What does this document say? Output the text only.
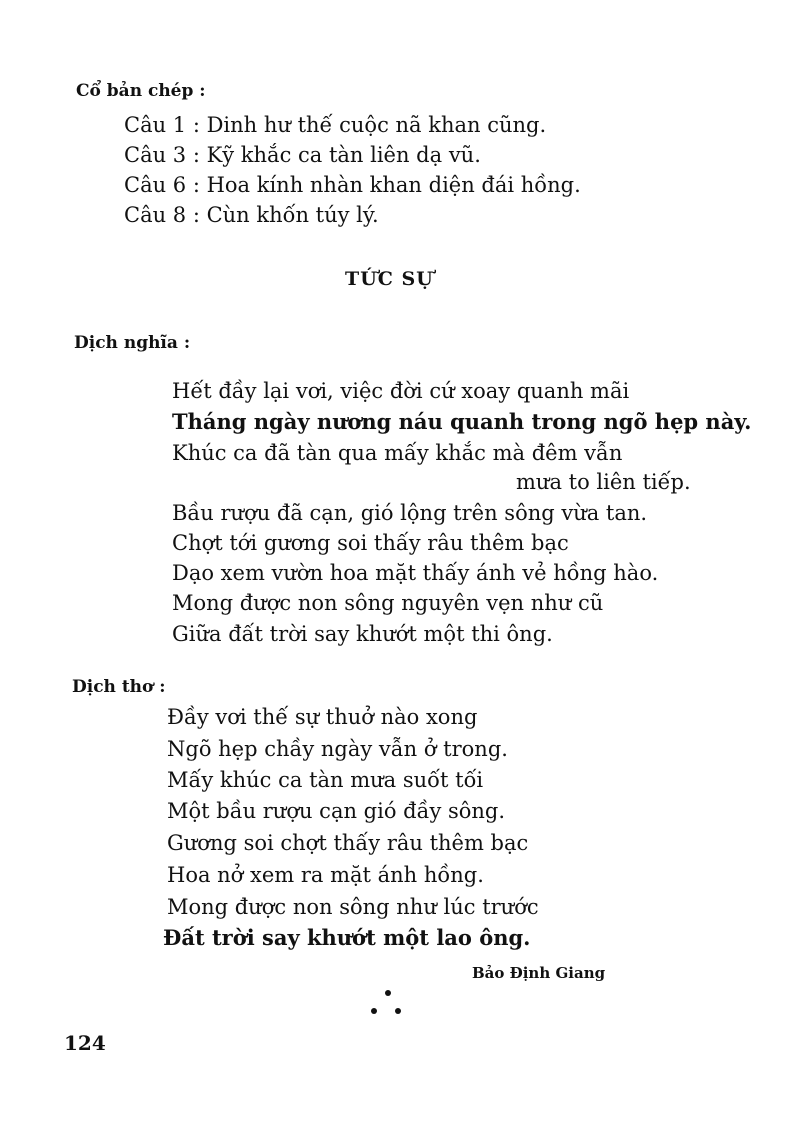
Cổ bản chép :
Câu 1 : Dinh hư thế cuộc nã khan cũng.
Câu 3 : Kỹ khắc ca tàn liên dạ vũ.
Câu 6 : Hoa kính nhàn khan diện đái hồng.
Câu 8 : Cùn khốn túy lý.
TỨC SỰ
Dịch nghĩa :
Hết đầy lại vơi, việc đời cứ xoay quanh mãi
Tháng ngày nương náu quanh trong ngõ hẹp này.
Khúc ca đã tàn qua mấy khắc mà đêm vẫn
mưa to liên tiếp.
Bầu rượu đã cạn, gió lộng trên sông vừa tan.
Chợt tới gương soi thấy râu thêm bạc
Dạo xem vườn hoa mặt thấy ánh vẻ hồng hào.
Mong được non sông nguyên vẹn như cũ
Giữa đất trời say khướt một thi ông.
Dịch thơ :
Đầy vơi thế sự thuở nào xong
Ngõ hẹp chầy ngày vẫn ở trong.
Mấy khúc ca tàn mưa suốt tối
Một bầu rượu cạn gió đầy sông.
Gương soi chợt thấy râu thêm bạc
Hoa nở xem ra mặt ánh hồng.
Mong được non sông như lúc trước
Đất trời say khướt một lao ông.
Bảo Định Giang
124
